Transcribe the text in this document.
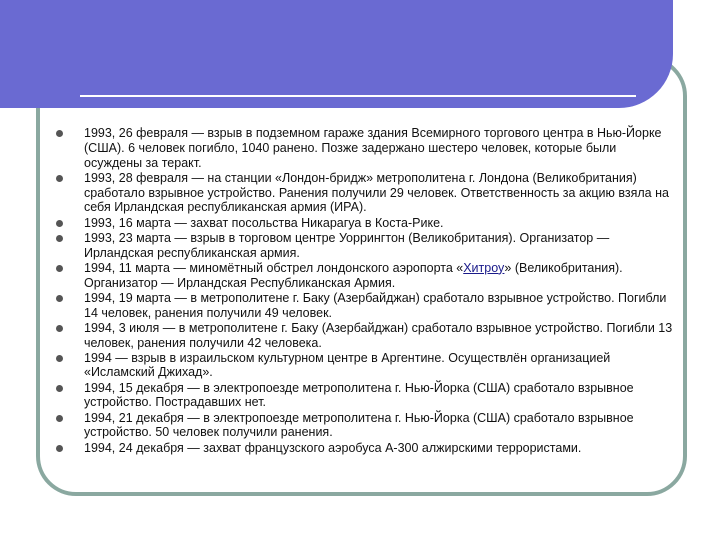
1993, 26 февраля — взрыв в подземном гараже здания Всемирного торгового центра в Нью-Йорке (США). 6 человек погибло, 1040 ранено. Позже задержано шестеро человек, которые были осуждены за теракт.
1993, 28 февраля — на станции «Лондон-бридж» метрополитена г. Лондона (Великобритания) сработало взрывное устройство. Ранения получили 29 человек. Ответственность за акцию взяла на себя Ирландская республиканская армия (ИРА).
1993, 16 марта — захват посольства Никарагуа в Коста-Рике.
1993, 23 марта — взрыв в торговом центре Уоррингтон (Великобритания). Организатор — Ирландская республиканская армия.
1994, 11 марта — миномётный обстрел лондонского аэропорта «Хитроу» (Великобритания). Организатор — Ирландская Республиканская Армия.
1994, 19 марта — в метрополитене г. Баку (Азербайджан) сработало взрывное устройство. Погибли 14 человек, ранения получили 49 человек.
1994, 3 июля — в метрополитене г. Баку (Азербайджан) сработало взрывное устройство. Погибли 13 человек, ранения получили 42 человека.
1994 — взрыв в израильском культурном центре в Аргентине. Осуществлён организацией «Исламский Джихад».
1994, 15 декабря — в электропоезде метрополитена г. Нью-Йорка (США) сработало взрывное устройство. Пострадавших нет.
1994, 21 декабря — в электропоезде метрополитена г. Нью-Йорка (США) сработало взрывное устройство. 50 человек получили ранения.
1994, 24 декабря — захват французского аэробуса А-300 алжирскими террористами.
